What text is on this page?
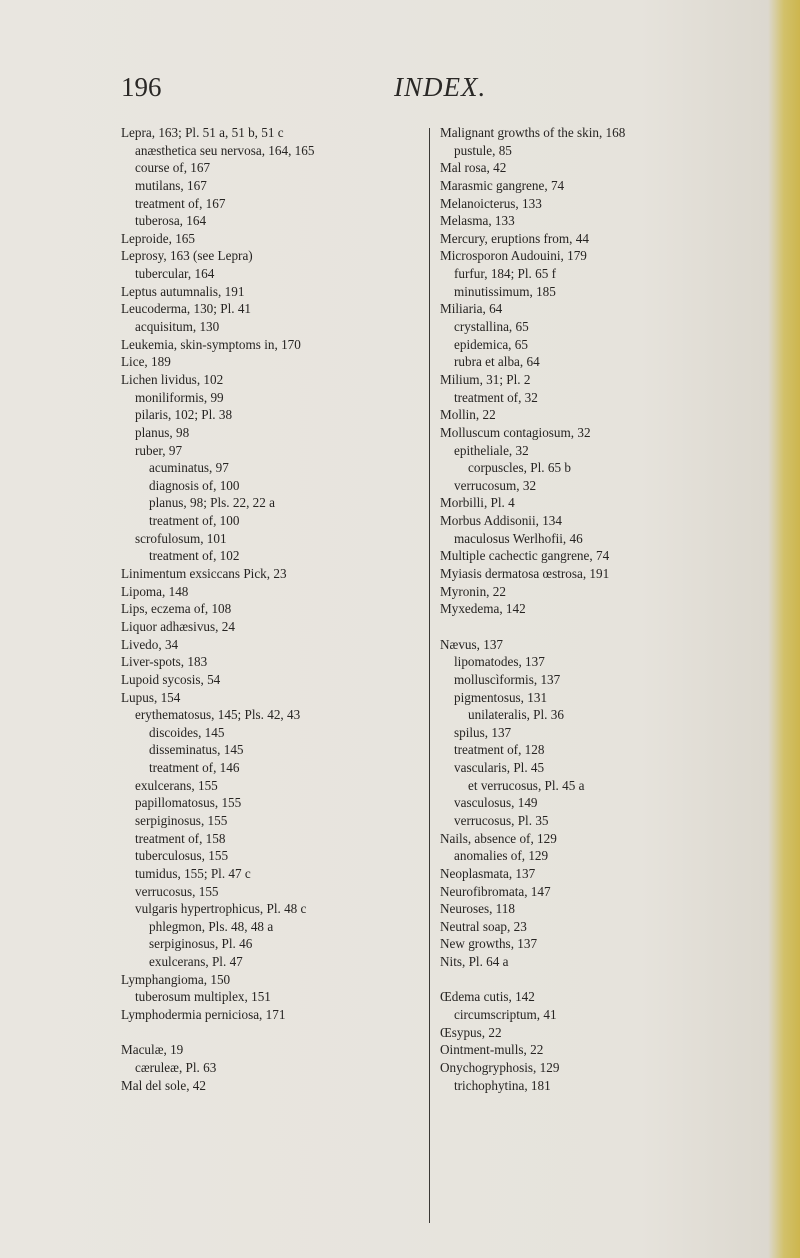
196	INDEX.
Lepra, 163; Pl. 51 a, 51 b, 51 c
anæsthetica seu nervosa, 164, 165
course of, 167
mutilans, 167
treatment of, 167
tuberosa, 164
Leproide, 165
Leprosy, 163 (see Lepra)
tubercular, 164
Leptus autumnalis, 191
Leucoderma, 130; Pl. 41
acquisitum, 130
Leukemia, skin-symptoms in, 170
Lice, 189
Lichen lividus, 102
moniliformis, 99
pilaris, 102; Pl. 38
planus, 98
ruber, 97
acuminatus, 97
diagnosis of, 100
planus, 98; Pls. 22, 22 a
treatment of, 100
scrofulosum, 101
treatment of, 102
Linimentum exsiccans Pick, 23
Lipoma, 148
Lips, eczema of, 108
Liquor adhæsivus, 24
Livedo, 34
Liver-spots, 183
Lupoid sycosis, 54
Lupus, 154
erythematosus, 145; Pls. 42, 43
discoides, 145
disseminatus, 145
treatment of, 146
exulcerans, 155
papillomatosus, 155
serpiginosus, 155
treatment of, 158
tuberculosus, 155
tumidus, 155; Pl. 47 c
verrucosus, 155
vulgaris hypertrophicus, Pl. 48 c
phlegmon, Pls. 48, 48 a
serpiginosus, Pl. 46
exulcerans, Pl. 47
Lymphangioma, 150
tuberosum multiplex, 151
Lymphodermia perniciosa, 171
Maculæ, 19
cæruleæ, Pl. 63
Mal del sole, 42
Malignant growths of the skin, 168
pustule, 85
Mal rosa, 42
Marasmic gangrene, 74
Melanoicterus, 133
Melasma, 133
Mercury, eruptions from, 44
Microsporon Audouini, 179
furfur, 184; Pl. 65 f
minutissimum, 185
Miliaria, 64
crystallina, 65
epidemica, 65
rubra et alba, 64
Milium, 31; Pl. 2
treatment of, 32
Mollin, 22
Molluscum contagiosum, 32
epitheliale, 32
corpuscles, Pl. 65 b
verrucosum, 32
Morbilli, Pl. 4
Morbus Addisonii, 134
maculosus Werlhofii, 46
Multiple cachectic gangrene, 74
Myiasis dermatosa œstrosa, 191
Myronin, 22
Myxedema, 142
Nævus, 137
lipomatodes, 137
molluscìformis, 137
pigmentosus, 131
unilateralis, Pl. 36
spilus, 137
treatment of, 128
vascularis, Pl. 45
et verrucosus, Pl. 45 a
vasculosus, 149
verrucosus, Pl. 35
Nails, absence of, 129
anomalies of, 129
Neoplasmata, 137
Neurofibromata, 147
Neuroses, 118
Neutral soap, 23
New growths, 137
Nits, Pl. 64 a
Œdema cutis, 142
circumscriptum, 41
Œsypus, 22
Ointment-mulls, 22
Onychogryphosis, 129
trichophytina, 181
